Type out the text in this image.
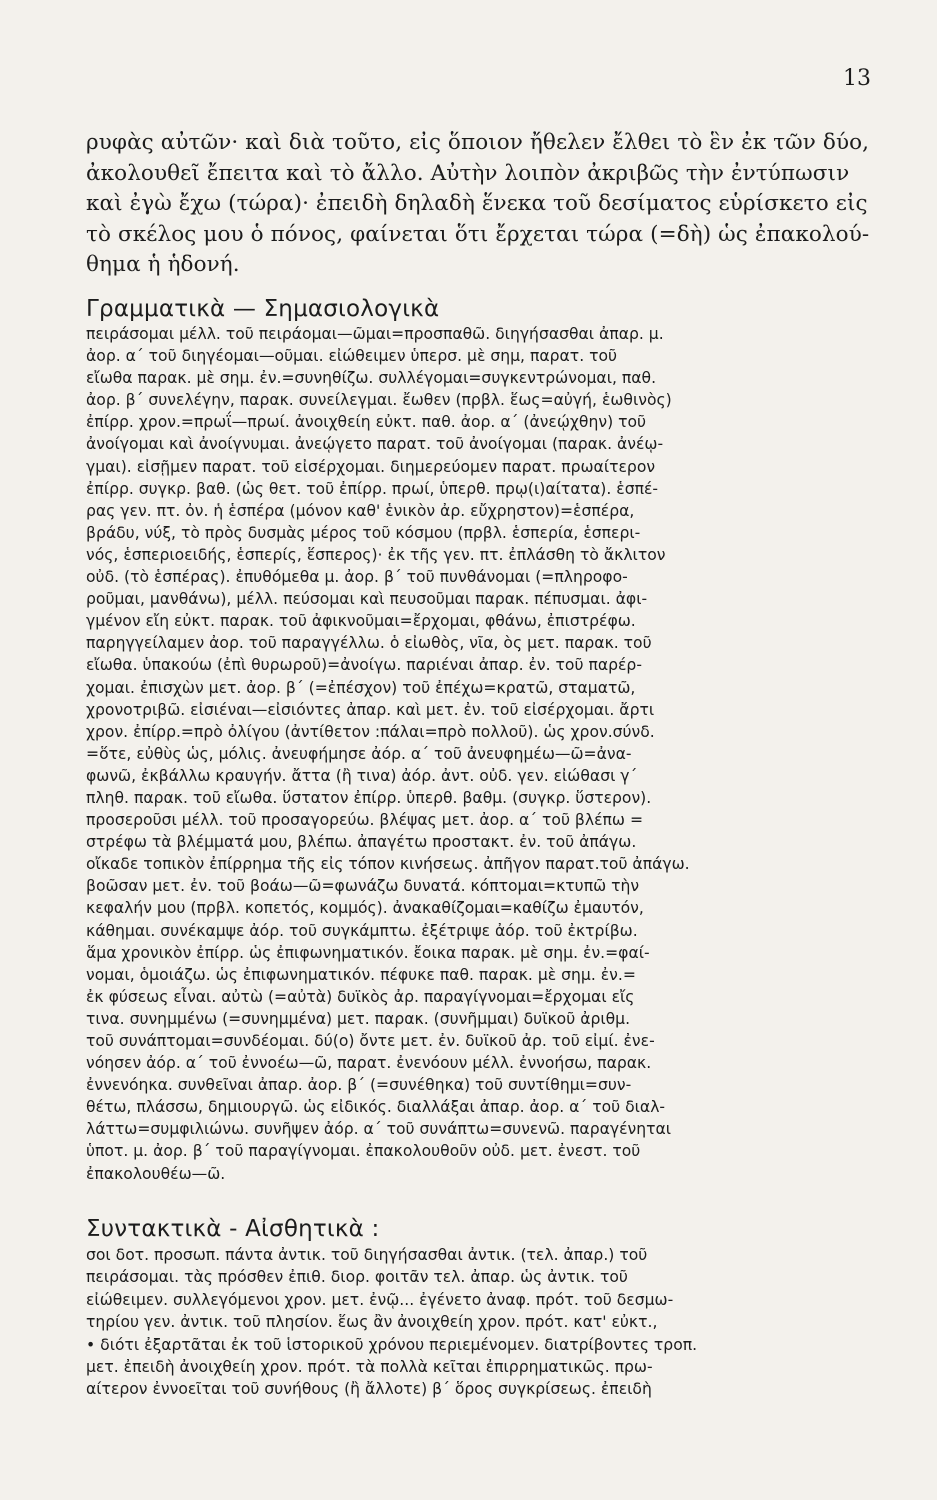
13
ρυφὰς αὐτῶν· καὶ διὰ τοῦτο, εἰς ὅποιον ἤθελεν ἔλθει τὸ ἓν ἐκ τῶν δύο,
ἀκολουθεῖ ἔπειτα καὶ τὸ ἄλλο. Αὐτὴν λοιπὸν ἀκριβῶς τὴν ἐντύπωσιν
καὶ ἐγὼ ἔχω (τώρα)· ἐπειδὴ δηλαδὴ ἕνεκα τοῦ δεσίματος εὑρίσκετο εἰς
τὸ σκέλος μου ὁ πόνος, φαίνεται ὅτι ἔρχεται τώρα (=δὴ) ὡς ἐπακολού-
θημα ἡ ἡδονή.
Γραμματικὰ — Σημασιολογικὰ
πειράσομαι μέλλ. τοῦ πειράομαι—ῶμαι=προσπαθῶ. διηγήσασθαι ἀπαρ. μ.
ἀορ. α΄ τοῦ διηγέομαι—οῦμαι. εἰώθειμεν ὑπερσ. μὲ σημ, παρατ. τοῦ
εἴωθα παρακ. μὲ σημ. ἐν.=συνηθίζω. συλλέγομαι=συγκεντρώνομαι, παθ.
ἀορ. β΄ συνελέγην, παρακ. συνείλεγμαι. ἔωθεν (πρβλ. ἕως=αὐγή, ἑωθινὸς)
ἐπίρρ. χρον.=πρωΐ—πρωί. ἀνοιχθείη εὐκτ. παθ. ἀορ. α΄ (ἀνεῴχθην) τοῦ
ἀνοίγομαι καὶ ἀνοίγνυμαι. ἀνεῴγετο παρατ. τοῦ ἀνοίγομαι (παρακ. ἀνέῳ-
γμαι). εἰσῇμεν παρατ. τοῦ εἰσέρχομαι. διημερεύομεν παρατ. πρωαίτερον
ἐπίρρ. συγκρ. βαθ. (ὡς θετ. τοῦ ἐπίρρ. πρωί, ὑπερθ. πρῳ(ι)αίτατα). ἑσπέ-
ρας γεν. πτ. ὀν. ἡ ἑσπέρα (μόνον καθ' ἑνικὸν ἀρ. εὔχρηστον)=ἑσπέρα,
βράδυ, νύξ, τὸ πρὸς δυσμὰς μέρος τοῦ κόσμου (πρβλ. ἑσπερία, ἑσπερι-
νός, ἑσπεριοειδής, ἑσπερίς, ἕσπερος)· ἐκ τῆς γεν. πτ. ἐπλάσθη τὸ ἄκλιτον
οὐδ. (τὸ ἑσπέρας). ἐπυθόμεθα μ. ἀορ. β΄ τοῦ πυνθάνομαι (=πληροφο-
ροῦμαι, μανθάνω), μέλλ. πεύσομαι καὶ πευσοῦμαι παρακ. πέπυσμαι. ἀφι-
γμένον εἴη εὐκτ. παρακ. τοῦ ἀφικνοῦμαι=ἔρχομαι, φθάνω, ἐπιστρέφω.
παρηγγείλαμεν ἀορ. τοῦ παραγγέλλω. ὁ εἰωθὸς, νῖα, ὸς μετ. παρακ. τοῦ
εἴωθα. ὑπακούω (ἐπὶ θυρωροῦ)=ἀνοίγω. παριέναι ἀπαρ. ἐν. τοῦ παρέρ-
χομαι. ἐπισχὼν μετ. ἀορ. β΄ (=ἐπέσχον) τοῦ ἐπέχω=κρατῶ, σταματῶ,
χρονοτριβῶ. εἰσιέναι—εἰσιόντες ἀπαρ. καὶ μετ. ἐν. τοῦ εἰσέρχομαι. ἄρτι
χρον. ἐπίρρ.=πρὸ ὀλίγου (ἀντίθετον :πάλαι=πρὸ πολλοῦ). ὡς χρον.σύνδ.
=ὅτε, εὐθὺς ὡς, μόλις. ἀνευφήμησε ἀόρ. α΄ τοῦ ἀνευφημέω—ῶ=ἀνα-
φωνῶ, ἐκβάλλω κραυγήν. ἄττα (ἢ τινα) ἀόρ. ἀντ. οὐδ. γεν. εἰώθασι γ΄
πληθ. παρακ. τοῦ εἴωθα. ὕστατον ἐπίρρ. ὑπερθ. βαθμ. (συγκρ. ὕστερον).
προσεροῦσι μέλλ. τοῦ προσαγορεύω. βλέψας μετ. ἀορ. α΄ τοῦ βλέπω =
στρέφω τὰ βλέμματά μου, βλέπω. ἀπαγέτω προστακτ. ἐν. τοῦ ἀπάγω.
οἴκαδε τοπικὸν ἐπίρρημα τῆς εἰς τόπον κινήσεως. ἀπῆγον παρατ.τοῦ ἀπάγω.
βοῶσαν μετ. ἐν. τοῦ βοάω—ῶ=φωνάζω δυνατά. κόπτομαι=κτυπῶ τὴν
κεφαλήν μου (πρβλ. κοπετός, κομμός). ἀνακαθίζομαι=καθίζω ἐμαυτόν,
κάθημαι. συνέκαμψε ἀόρ. τοῦ συγκάμπτω. ἐξέτριψε ἀόρ. τοῦ ἐκτρίβω.
ἅμα χρονικὸν ἐπίρρ. ὡς ἐπιφωνηματικόν. ἔοικα παρακ. μὲ σημ. ἐν.=φαί-
νομαι, ὁμοιάζω. ὡς ἐπιφωνηματικόν. πέφυκε παθ. παρακ. μὲ σημ. ἐν.=
ἐκ φύσεως εἶναι. αὐτὼ (=αὐτὰ) δυϊκὸς ἀρ. παραγίγνομαι=ἔρχομαι εἴς
τινα. συνημμένω (=συνημμένα) μετ. παρακ. (συνῆμμαι) δυϊκοῦ ἀριθμ.
τοῦ συνάπτομαι=συνδέομαι. δύ(ο) ὄντε μετ. ἐν. δυϊκοῦ ἀρ. τοῦ εἰμί. ἐνε-
νόησεν ἀόρ. α΄ τοῦ ἐννοέω—ῶ, παρατ. ἐνενόουν μέλλ. ἐννοήσω, παρακ.
ἐννενόηκα. συνθεῖναι ἀπαρ. ἀορ. β΄ (=συνέθηκα) τοῦ συντίθημι=συν-
θέτω, πλάσσω, δημιουργῶ. ὡς εἰδικός. διαλλάξαι ἀπαρ. ἀορ. α΄ τοῦ διαλ-
λάττω=συμφιλιώνω. συνῆψεν ἀόρ. α΄ τοῦ συνάπτω=συνενῶ. παραγένηται
ὑποτ. μ. ἀορ. β΄ τοῦ παραγίγνομαι. ἐπακολουθοῦν οὐδ. μετ. ἐνεστ. τοῦ
ἐπακολουθέω—ῶ.
Συντακτικὰ - Αἰσθητικὰ :
σοι δοτ. προσωπ. πάντα ἀντικ. τοῦ διηγήσασθαι ἀντικ. (τελ. ἀπαρ.) τοῦ
πειράσομαι. τὰς πρόσθεν ἐπιθ. διορ. φοιτᾶν τελ. ἀπαρ. ὡς ἀντικ. τοῦ
εἰώθειμεν. συλλεγόμενοι χρον. μετ. ἐνῷ... ἐγένετο ἀναφ. πρότ. τοῦ δεσμω-
τηρίου γεν. ἀντικ. τοῦ πλησίον. ἕως ἂν ἀνοιχθείη χρον. πρότ. κατ' εὐκτ.,
• διότι ἐξαρτᾶται ἐκ τοῦ ἱστορικοῦ χρόνου περιεμένομεν. διατρίβοντες τροπ.
μετ. ἐπειδὴ ἀνοιχθείη χρον. πρότ. τὰ πολλὰ κεῖται ἐπιρρηματικῶς. πρω-
αίτερον ἐννοεῖται τοῦ συνήθους (ἢ ἄλλοτε) β΄ ὅρος συγκρίσεως. ἐπειδὴ
